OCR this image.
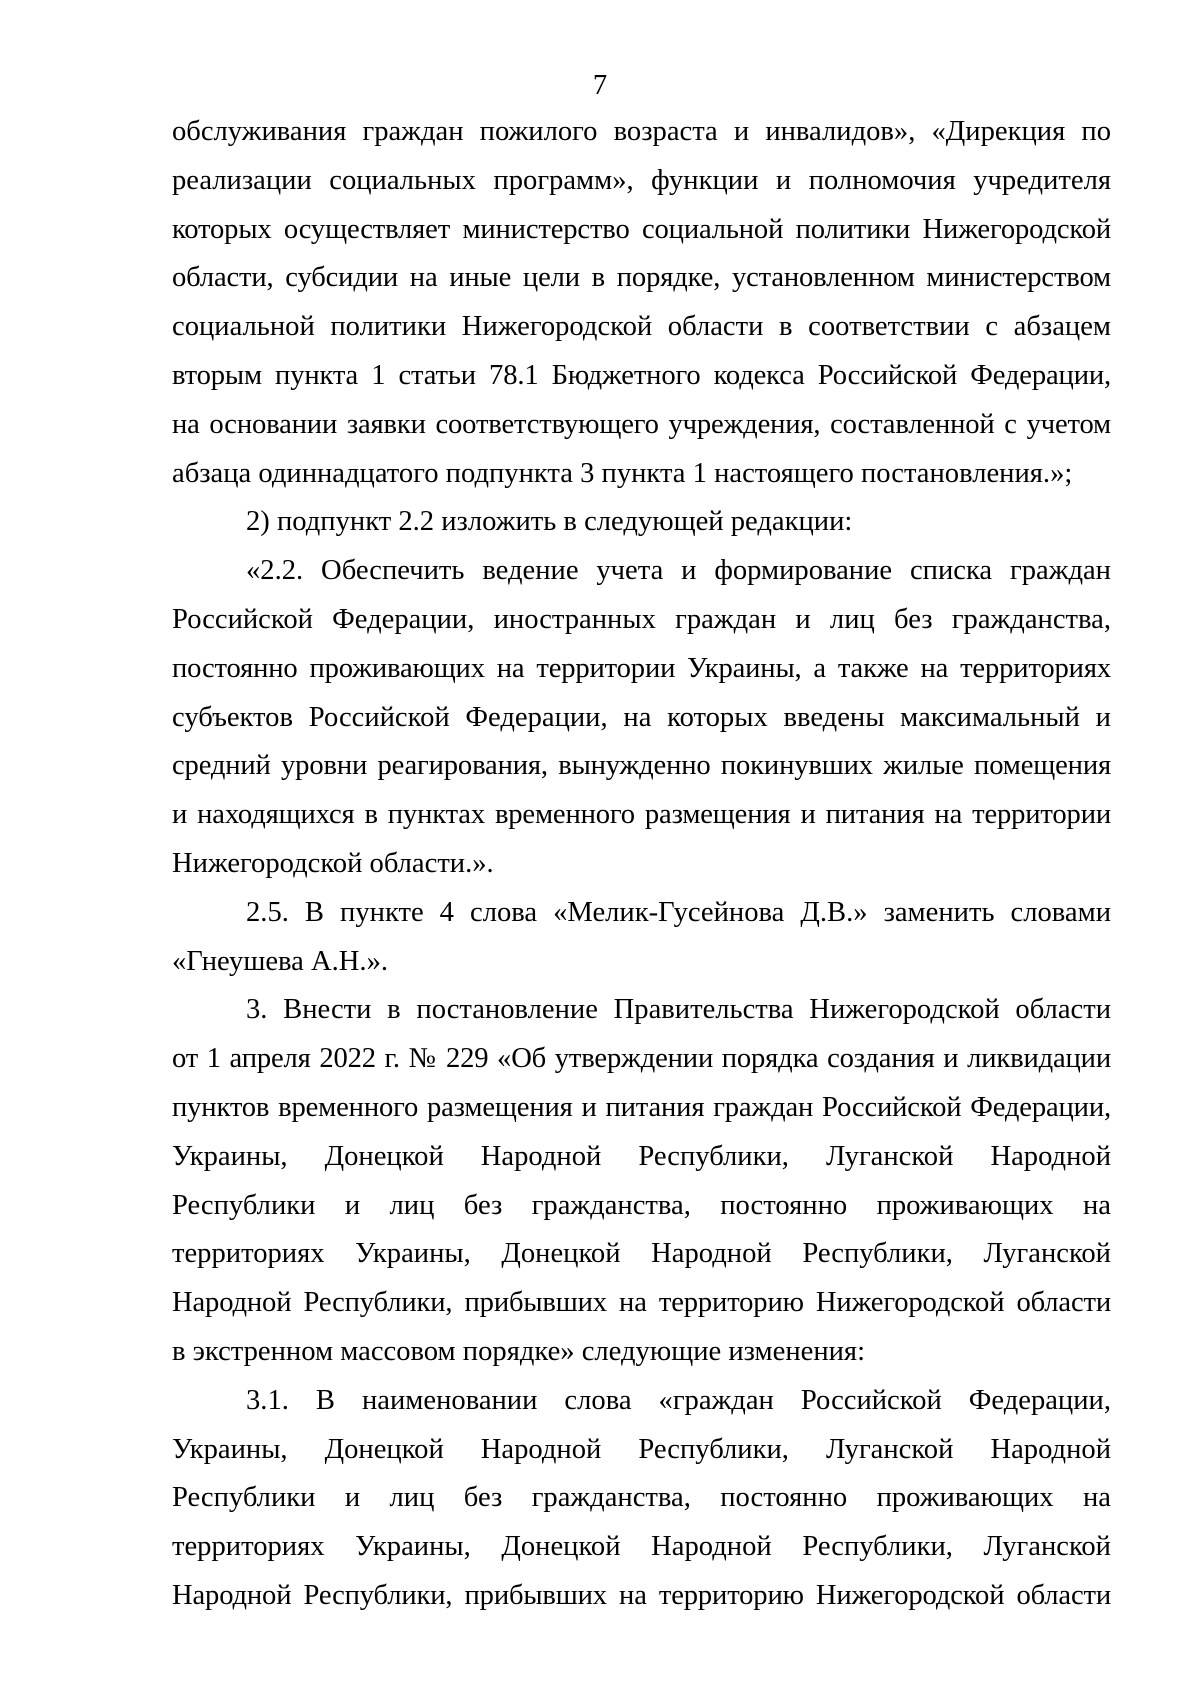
7

обслуживания граждан пожилого возраста и инвалидов», «Дирекция по

реализации социальных программ», функции и полномочия учредителя

которых осуществляет министерство социальной политики Нижегородской

области, субсидии на иные цели в порядке, установленном министерством

социальной политики Нижегородской области в соответствии с абзацем

вторым пункта 1 статьи 78.1 Бюджетного кодекса Российской Федерации,

на основании заявки соответствующего учреждения, составленной с учетом

абзаца одиннадцатого подпункта 3 пункта 1 настоящего постановления.»;

2) подпункт 2.2 изложить в следующей редакции:

«2.2. Обеспечить ведение учета и формирование списка граждан

Российской Федерации, иностранных граждан и лиц без гражданства,

постоянно проживающих на территории Украины, а также на территориях

субъектов Российской Федерации, на которых введены максимальный и

средний уровни реагирования, вынужденно покинувших жилые помещения

и находящихся в пунктах временного размещения и питания на территории

Нижегородской области.».

2.5. В пункте 4 слова «Мелик-Гусейнова Д.В.» заменить словами

«Гнеушева А.Н.».

3. Внести в постановление Правительства Нижегородской области

от 1 апреля 2022 г. № 229 «Об утверждении порядка создания и ликвидации

пунктов временного размещения и питания граждан Российской Федерации,

Украины, Донецкой Народной Республики, Луганской Народной

Республики и лиц без гражданства, постоянно проживающих на

территориях Украины, Донецкой Народной Республики, Луганской

Народной Республики, прибывших на территорию Нижегородской области

в экстренном массовом порядке» следующие изменения:

3.1. В наименовании слова «граждан Российской Федерации,

Украины, Донецкой Народной Республики, Луганской Народной

Республики и лиц без гражданства, постоянно проживающих на

территориях Украины, Донецкой Народной Республики, Луганской

Народной Республики, прибывших на территорию Нижегородской области
